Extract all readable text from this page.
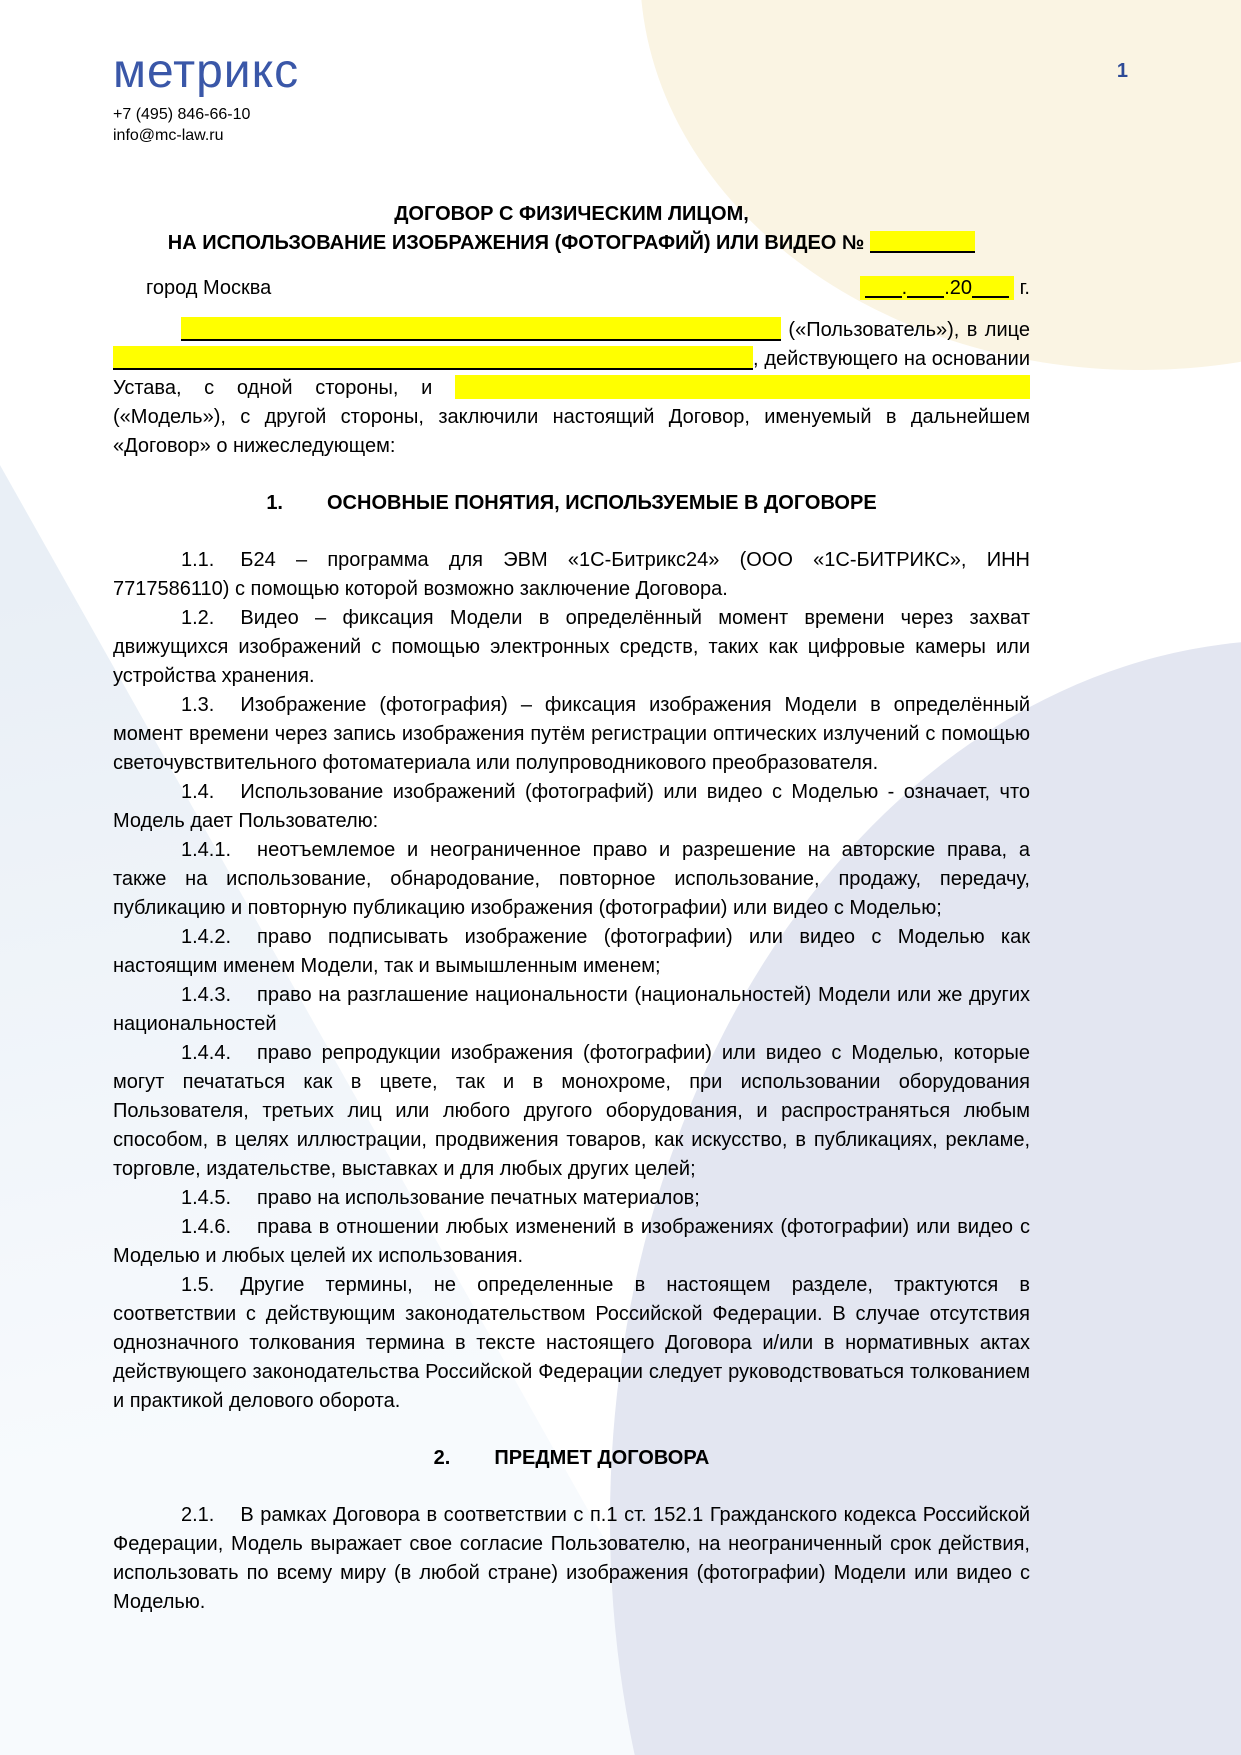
метрикс
+7 (495) 846-66-10
info@mc-law.ru
1
ДОГОВОР С ФИЗИЧЕСКИМ ЛИЦОМ,
НА ИСПОЛЬЗОВАНИЕ ИЗОБРАЖЕНИЯ (ФОТОГРАФИЙ) ИЛИ ВИДЕО №
город Москва	. .20 г.

(«Пользователь»), в лице , действующего на основании Устава, с одной стороны, и  («Модель»), с другой стороны, заключили настоящий Договор, именуемый в дальнейшем «Договор» о нижеследующем:

1. ОСНОВНЫЕ ПОНЯТИЯ, ИСПОЛЬЗУЕМЫЕ В ДОГОВОРЕ

1.1. Б24 – программа для ЭВМ «1С-Битрикс24» (ООО «1С-БИТРИКС», ИНН 7717586110) с помощью которой возможно заключение Договора.

1.2. Видео – фиксация Модели в определённый момент времени через захват движущихся изображений с помощью электронных средств, таких как цифровые камеры или устройства хранения.

1.3. Изображение (фотография) – фиксация изображения Модели в определённый момент времени через запись изображения путём регистрации оптических излучений с помощью светочувствительного фотоматериала или полупроводникового преобразователя.

1.4. Использование изображений (фотографий) или видео с Моделью - означает, что Модель дает Пользователю:

1.4.1. неотъемлемое и неограниченное право и разрешение на авторские права, а также на использование, обнародование, повторное использование, продажу, передачу, публикацию и повторную публикацию изображения (фотографии) или видео с Моделью;

1.4.2. право подписывать изображение (фотографии) или видео с Моделью как настоящим именем Модели, так и вымышленным именем;

1.4.3. право на разглашение национальности (национальностей) Модели или же других национальностей

1.4.4. право репродукции изображения (фотографии) или видео с Моделью, которые могут печататься как в цвете, так и в монохроме, при использовании оборудования Пользователя, третьих лиц или любого другого оборудования, и распространяться любым способом, в целях иллюстрации, продвижения товаров, как искусство, в публикациях, рекламе, торговле, издательстве, выставках и для любых других целей;

1.4.5. право на использование печатных материалов;

1.4.6. права в отношении любых изменений в изображениях (фотографии) или видео с Моделью и любых целей их использования.

1.5. Другие термины, не определенные в настоящем разделе, трактуются в соответствии с действующим законодательством Российской Федерации. В случае отсутствия однозначного толкования термина в тексте настоящего Договора и/или в нормативных актах действующего законодательства Российской Федерации следует руководствоваться толкованием и практикой делового оборота.

2. ПРЕДМЕТ ДОГОВОРА

2.1. В рамках Договора в соответствии с п.1 ст. 152.1 Гражданского кодекса Российской Федерации, Модель выражает свое согласие Пользователю, на неограниченный срок действия, использовать по всему миру (в любой стране) изображения (фотографии) Модели или видео с Моделью.
